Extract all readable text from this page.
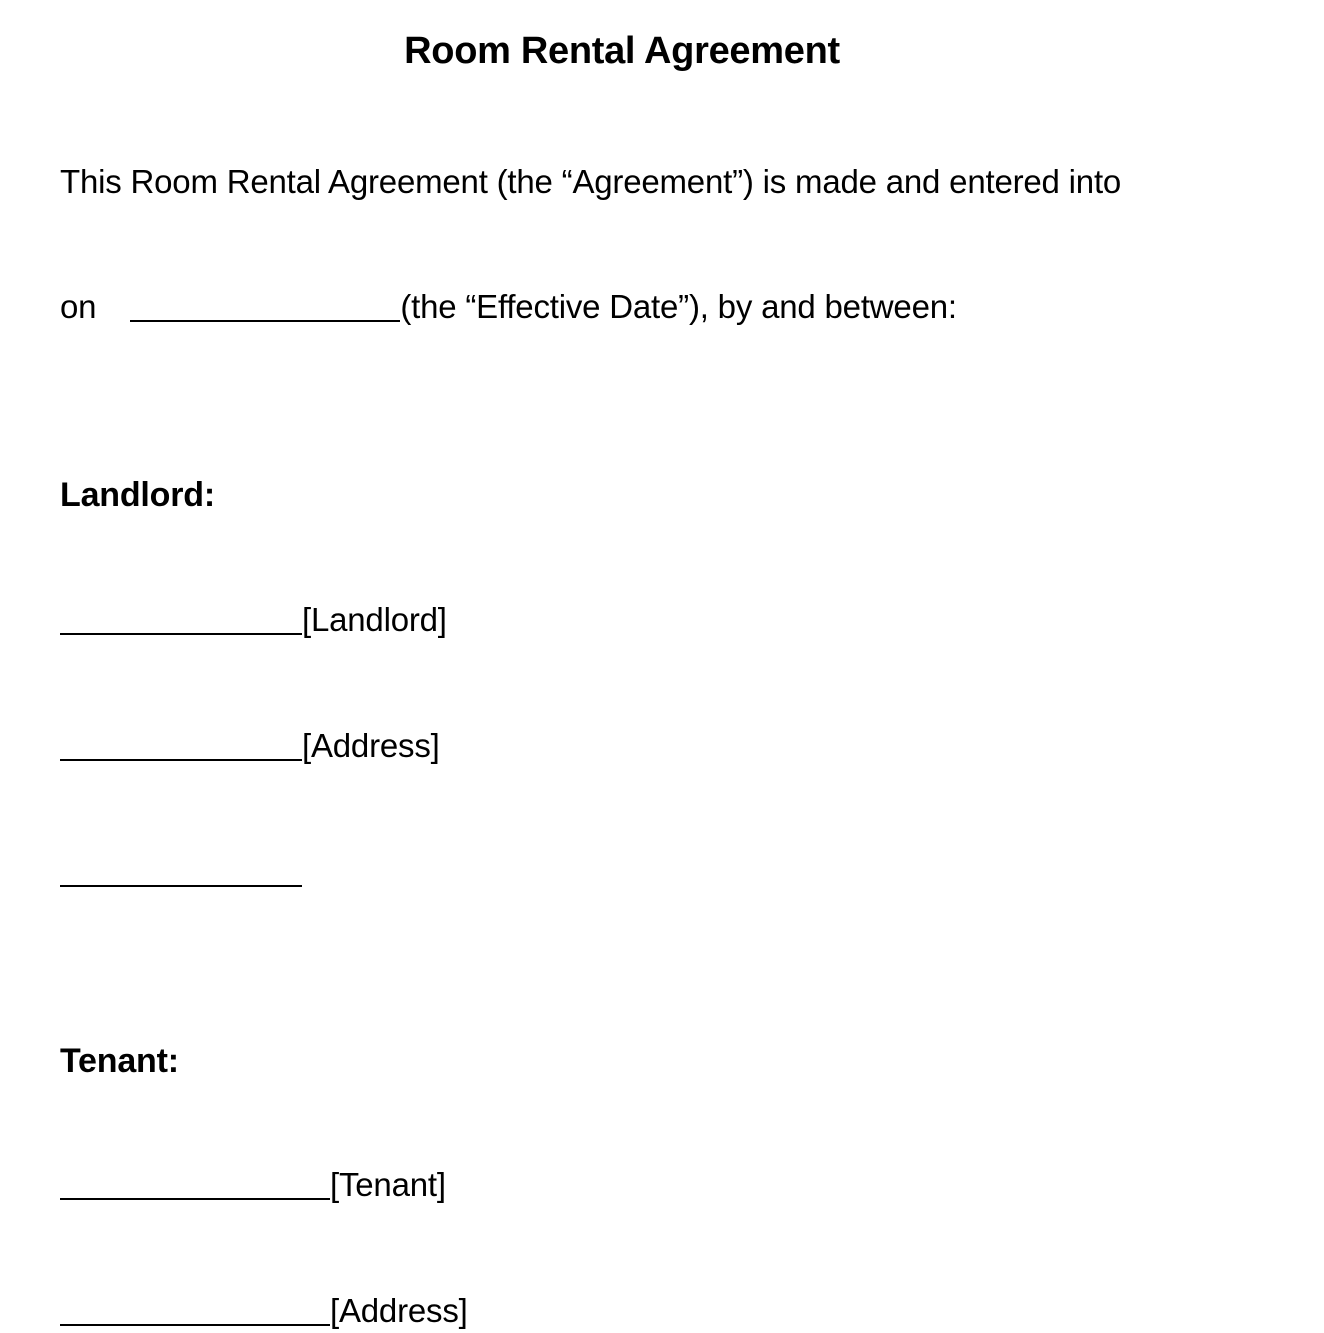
Room Rental Agreement
This Room Rental Agreement (the “Agreement”) is made and entered into
on	(the “Effective Date”), by and between:
Landlord:
[Landlord]
[Address]
Tenant:
[Tenant]
[Address]
